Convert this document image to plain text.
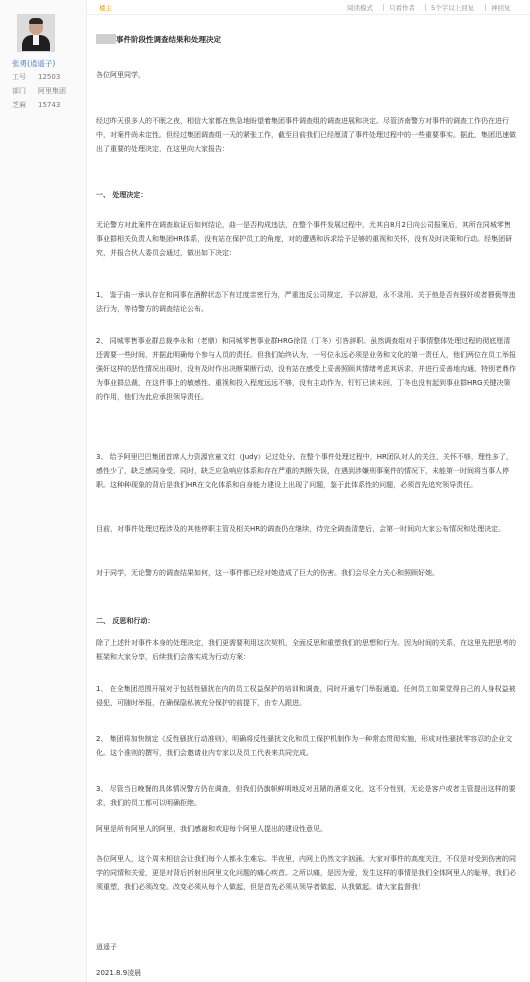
张勇(逍遥子)
工号 12503
部门 阿里集团
芝麻 15743
楼主	阅读模式 只看作者 5个字以上回复	神回复
事件阶段性调查结果和处理决定

各位阿里同学，

经过昨天很多人的不眠之夜，相信大家都在焦急地盼望着集团事件调查组的调查进展和决定。尽管济南警方对事件的调查工作仍在进行中，对案件尚未定性。但经过集团调查组一天的紧张工作，截至目前我们已经厘清了事件处理过程中的一些重要事实。据此，集团迅速做出了重要的处理决定，在这里向大家报告：

一、 处理决定：

无论警方对此案件在调查取证后如何结论，曲一是否构成违法，在整个事件发展过程中，尤其自8月2日向公司报案后，其所在同城零售事业群相关负责人和集团HR体系，没有站在保护员工的角度，对的遭遇和诉求给予足够的重视和关怀，没有及时决策和行动。经集团研究，并报合伙人委员会通过，做出如下决定：

1、 鉴于曲一承认存在和同事在酒醉状态下有过度亲密行为，严重违反公司规定，予以辞退，永不录用。关于他是否有强奸或者猥亵等违法行为，等待警方的调查结论公布。

2、 同城零售事业群总裁李永和（老鼎）和同城零售事业群HRG徐昆（丁冬）引咎辞职。虽然调查组对于事情整体处理过程的彻底厘清还需要一些时间，并据此明确每个参与人员的责任。但我们始终认为，一号位永远必须是业务和文化的第一责任人，他们两位在员工举报强奸这样的恶性情况出现时，没有及时作出决断果断行动，没有站在感受上妥善照顾其情绪考虑其诉求，并进行妥善地沟通、特别老鼎作为事业群总裁，在这件事上的敏感性、重视和投入程度远远不够，没有主动作为，钉钉已读未回，丁冬也没有起到事业群HRG关键决策的作用，他们为此应承担领导责任。

3、 给予阿里巴巴集团首席人力资源官童文红（Judy）记过处分。在整个事件处理过程中，HR团队对人的关注、关怀不够，理性多了，感性少了，缺乏感同身受，同时，缺乏应急响应体系和存在严重的判断失误，在遇到涉嫌刑事案件的情况下，未能第一时间将当事人停职。这种种现象的背后是我们HR在文化体系和自身能力建设上出现了问题，鉴于此体系性的问题，必须首先追究领导责任。

目前，对事件处理过程涉及的其他停职主管及相关HR的调查仍在继续，待完全调查清楚后，会第一时间向大家公布情况和处理决定。

对于同学，无论警方的调查结果如何，这一事件都已经对她造成了巨大的伤害。我们会尽全力关心和照顾好她。

二、 反思和行动：

除了上述针对事件本身的处理决定，我们更需要利用这次契机，全面反思和重塑我们的思想和行为。因为时间的关系，在这里先把思考的框架和大家分享，后续我们会落实成为行动方案：

1、 在全集团范围开展对于包括性骚扰在内的员工权益保护的培训和调查，同时开通专门举报通道。任何员工如果觉得自己的人身权益被侵犯，可随时举报，在确保隐私被充分保护的前提下，由专人跟进。

2、 集团将加快制定《反性骚扰行动准则》，明确将反性骚扰文化和员工保护机制作为一种常态贯彻实施，形成对性骚扰零容忍的企业文化。这个准则的撰写，我们会邀请业内专家以及员工代表来共同完成。

3、 尽管当日晚餐的具体情况警方仍在调查，但我们仍旗帜鲜明地反对丑陋的酒桌文化，这不分性别，无论是客户或者主管提出这样的要求，我们的员工都可以明确拒绝。

阿里是所有阿里人的阿里，我们感谢和欢迎每个阿里人提出的建设性意见。

各位阿里人，这个周末相信会让我们每个人都永生难忘。半夜里，内网上仍然文字汹涌。大家对事件的高度关注，不仅是对受到伤害的同学的同情和关爱，更是对背后折射出阿里文化问题的痛心疾首。之所以痛，是因为爱，发生这样的事情是我们全体阿里人的耻辱，我们必须重塑，我们必须改变。改变必须从每个人做起，但是首先必须从领导者做起，从我做起。请大家监督我！

逍遥子
2021.8.9凌晨
